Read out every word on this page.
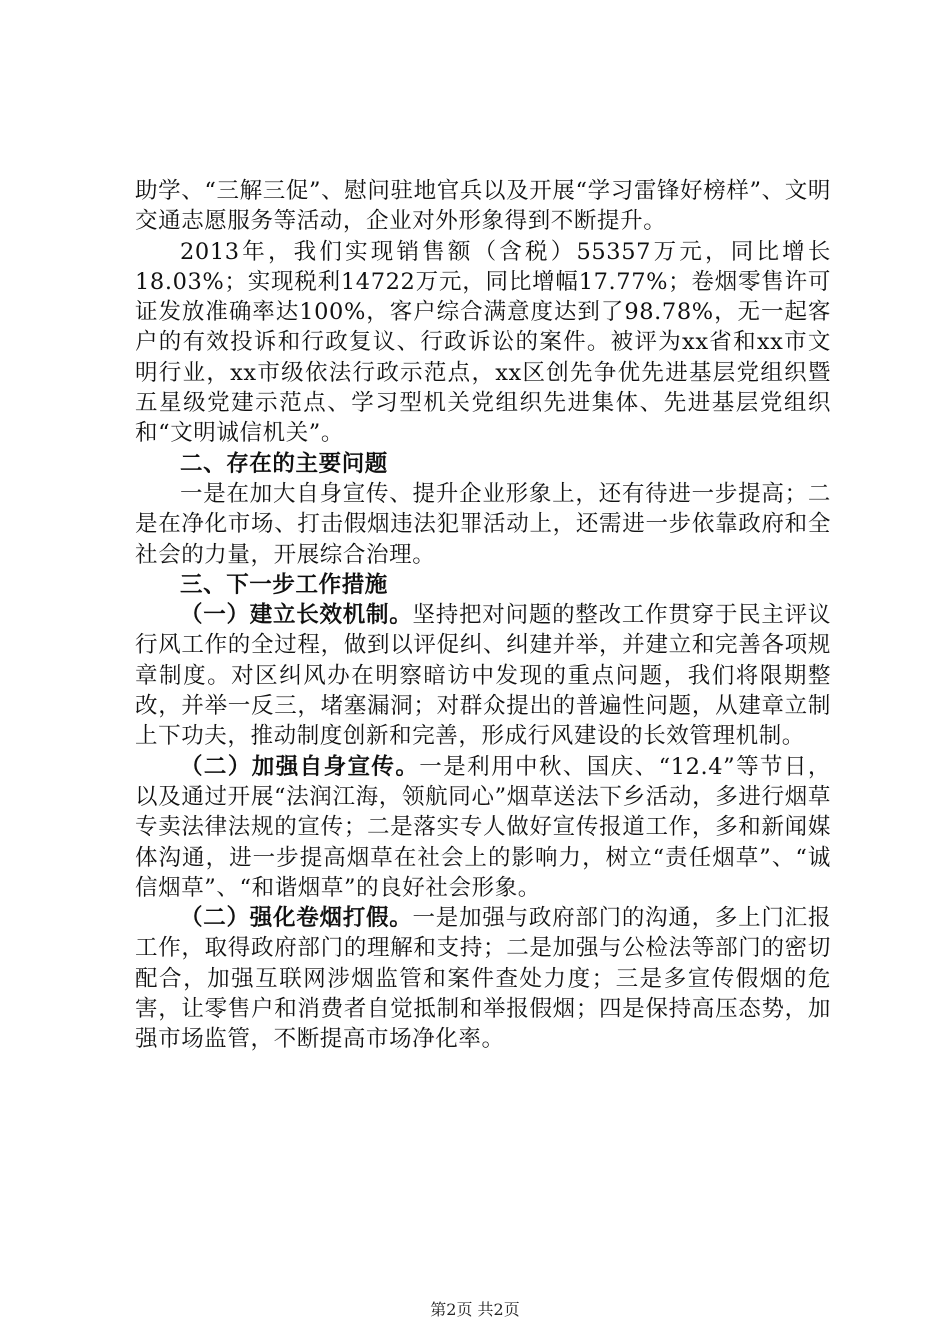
助学、“三解三促”、慰问驻地官兵以及开展“学习雷锋好榜样”、文明交通志愿服务等活动，企业对外形象得到不断提升。

2013年，我们实现销售额（含税）55357万元，同比增长18.03%；实现税利14722万元，同比增幅17.77%；卷烟零售许可证发放准确率达100%，客户综合满意度达到了98.78%，无一起客户的有效投诉和行政复议、行政诉讼的案件。被评为xx省和xx市文明行业，xx市级依法行政示范点，xx区创先争优先进基层党组织暨五星级党建示范点、学习型机关党组织先进集体、先进基层党组织和“文明诚信机关”。

二、存在的主要问题

一是在加大自身宣传、提升企业形象上，还有待进一步提高；二是在净化市场、打击假烟违法犯罪活动上，还需进一步依靠政府和全社会的力量，开展综合治理。

三、下一步工作措施

（一）建立长效机制。坚持把对问题的整改工作贯穿于民主评议行风工作的全过程，做到以评促纠、纠建并举，并建立和完善各项规章制度。对区纠风办在明察暗访中发现的重点问题，我们将限期整改，并举一反三，堵塞漏洞；对群众提出的普遍性问题，从建章立制上下功夫，推动制度创新和完善，形成行风建设的长效管理机制。

（二）加强自身宣传。一是利用中秋、国庆、“12.4”等节日，以及通过开展“法润江海，领航同心”烟草送法下乡活动，多进行烟草专卖法律法规的宣传；二是落实专人做好宣传报道工作，多和新闻媒体沟通，进一步提高烟草在社会上的影响力，树立“责任烟草”、“诚信烟草”、“和谐烟草”的良好社会形象。

（二）强化卷烟打假。一是加强与政府部门的沟通，多上门汇报工作，取得政府部门的理解和支持；二是加强与公检法等部门的密切配合，加强互联网涉烟监管和案件查处力度；三是多宣传假烟的危害，让零售户和消费者自觉抵制和举报假烟；四是保持高压态势，加强市场监管，不断提高市场净化率。

第2页 共2页
